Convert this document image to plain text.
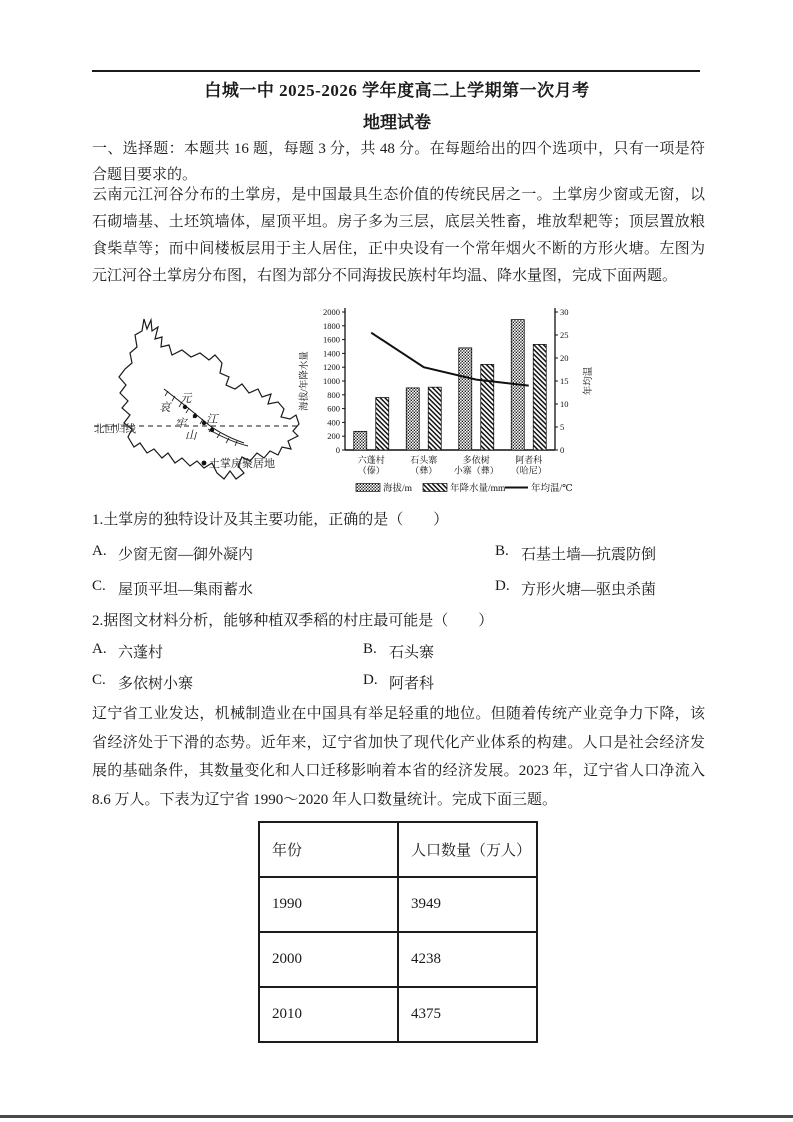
白城一中 2025-2026 学年度高二上学期第一次月考
地理试卷
一、选择题：本题共 16 题，每题 3 分，共 48 分。在每题给出的四个选项中，只有一项是符合题目要求的。
云南元江河谷分布的土掌房，是中国最具生态价值的传统民居之一。土掌房少窗或无窗，以石砌墙基、土坯筑墙体，屋顶平坦。房子多为三层，底层关牲畜，堆放犁耙等；顶层置放粮食柴草等；而中间楼板层用于主人居住，正中央设有一个常年烟火不断的方形火塘。左图为元江河谷土掌房分布图，右图为部分不同海拔民族村年均温、降水量图，完成下面两题。
北回归线
元
江
哀
牢
山
土掌房聚居地
0
200
400
600
800
1000
1200
1400
1600
1800
2000
0
5
10
15
20
25
30
海拔/年降水量	年均温
六蓬村
（傣）
石头寨
（彝）
多依树
小寨（彝）
阿者科
（哈尼）
海拔/m	年降水量/mm	年均温/℃
1.土掌房的独特设计及其主要功能，正确的是（　　）
A. 少窗无窗—御外凝内	B. 石基土墙—抗震防倒
C. 屋顶平坦—集雨蓄水	D. 方形火塘—驱虫杀菌
2.据图文材料分析，能够种植双季稻的村庄最可能是（　　）
A. 六蓬村	B. 石头寨
C. 多依树小寨	D. 阿者科
辽宁省工业发达，机械制造业在中国具有举足轻重的地位。但随着传统产业竞争力下降，该省经济处于下滑的态势。近年来，辽宁省加快了现代化产业体系的构建。人口是社会经济发展的基础条件，其数量变化和人口迁移影响着本省的经济发展。2023 年，辽宁省人口净流入 8.6 万人。下表为辽宁省 1990～2020 年人口数量统计。完成下面三题。
年份	人口数量（万人）
1990	3949
2000	4238
2010	4375
